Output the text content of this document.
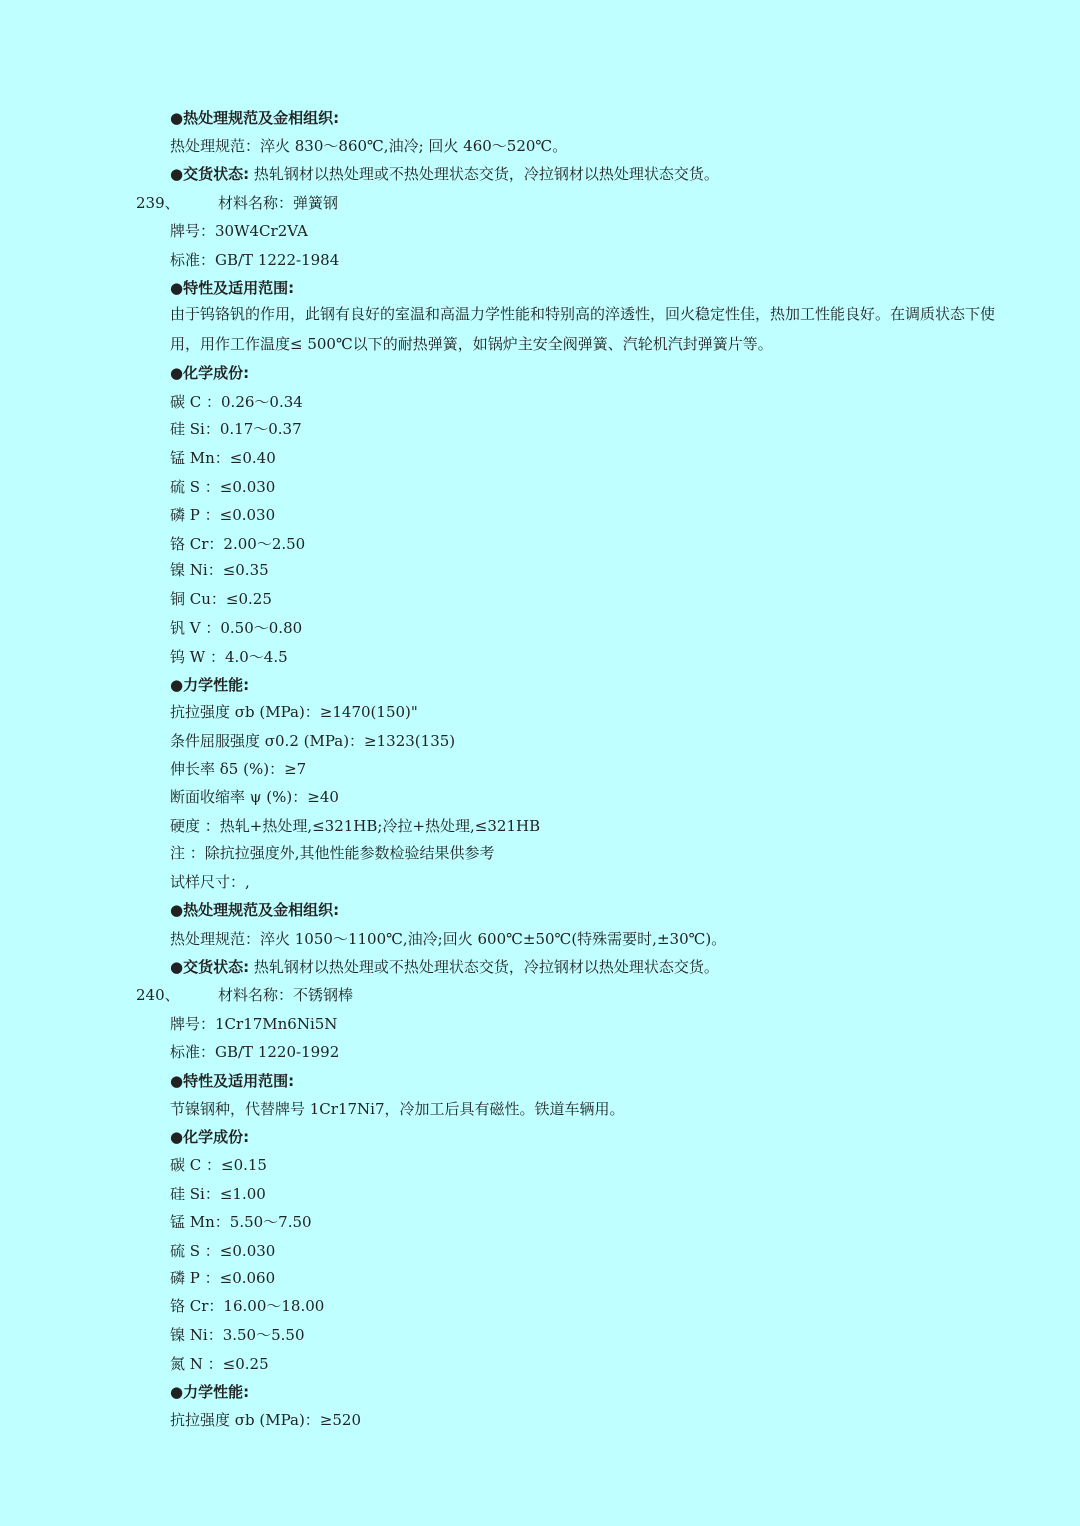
●热处理规范及金相组织:
热处理规范：淬火 830～860℃,油冷; 回火 460～520℃。
●交货状态: 热轧钢材以热处理或不热处理状态交货，冷拉钢材以热处理状态交货。
239、	材料名称：弹簧钢
牌号：30W4Cr2VA
标准：GB/T 1222-1984
●特性及适用范围:
由于钨铬钒的作用，此钢有良好的室温和高温力学性能和特别高的淬透性，回火稳定性佳，热加工性能良好。在调质状态下使用，用作工作温度≤ 500℃以下的耐热弹簧，如锅炉主安全阀弹簧、汽轮机汽封弹簧片等。
●化学成份:
碳 C ：0.26～0.34
硅 Si：0.17～0.37
锰 Mn：≤0.40
硫 S ：≤0.030
磷 P ：≤0.030
铬 Cr：2.00～2.50
镍 Ni：≤0.35
铜 Cu：≤0.25
钒 V ：0.50～0.80
钨 W ：4.0～4.5
●力学性能:
抗拉强度 σb (MPa)：≥1470(150)"
条件屈服强度 σ0.2 (MPa)：≥1323(135)
伸长率 δ5 (%)：≥7
断面收缩率 ψ (%)：≥40
硬度 ：热轧+热处理,≤321HB;冷拉+热处理,≤321HB
注 ：除抗拉强度外,其他性能参数检验结果供参考
试样尺寸：,
●热处理规范及金相组织:
热处理规范：淬火 1050～1100℃,油冷;回火 600℃±50℃(特殊需要时,±30℃)。
●交货状态: 热轧钢材以热处理或不热处理状态交货，冷拉钢材以热处理状态交货。
240、	材料名称：不锈钢棒
牌号：1Cr17Mn6Ni5N
标准：GB/T 1220-1992
●特性及适用范围:
节镍钢种，代替牌号 1Cr17Ni7，冷加工后具有磁性。铁道车辆用。
●化学成份:
碳 C ：≤0.15
硅 Si：≤1.00
锰 Mn：5.50～7.50
硫 S ：≤0.030
磷 P ：≤0.060
铬 Cr：16.00～18.00
镍 Ni：3.50～5.50
氮 N ：≤0.25
●力学性能:
抗拉强度 σb (MPa)：≥520
